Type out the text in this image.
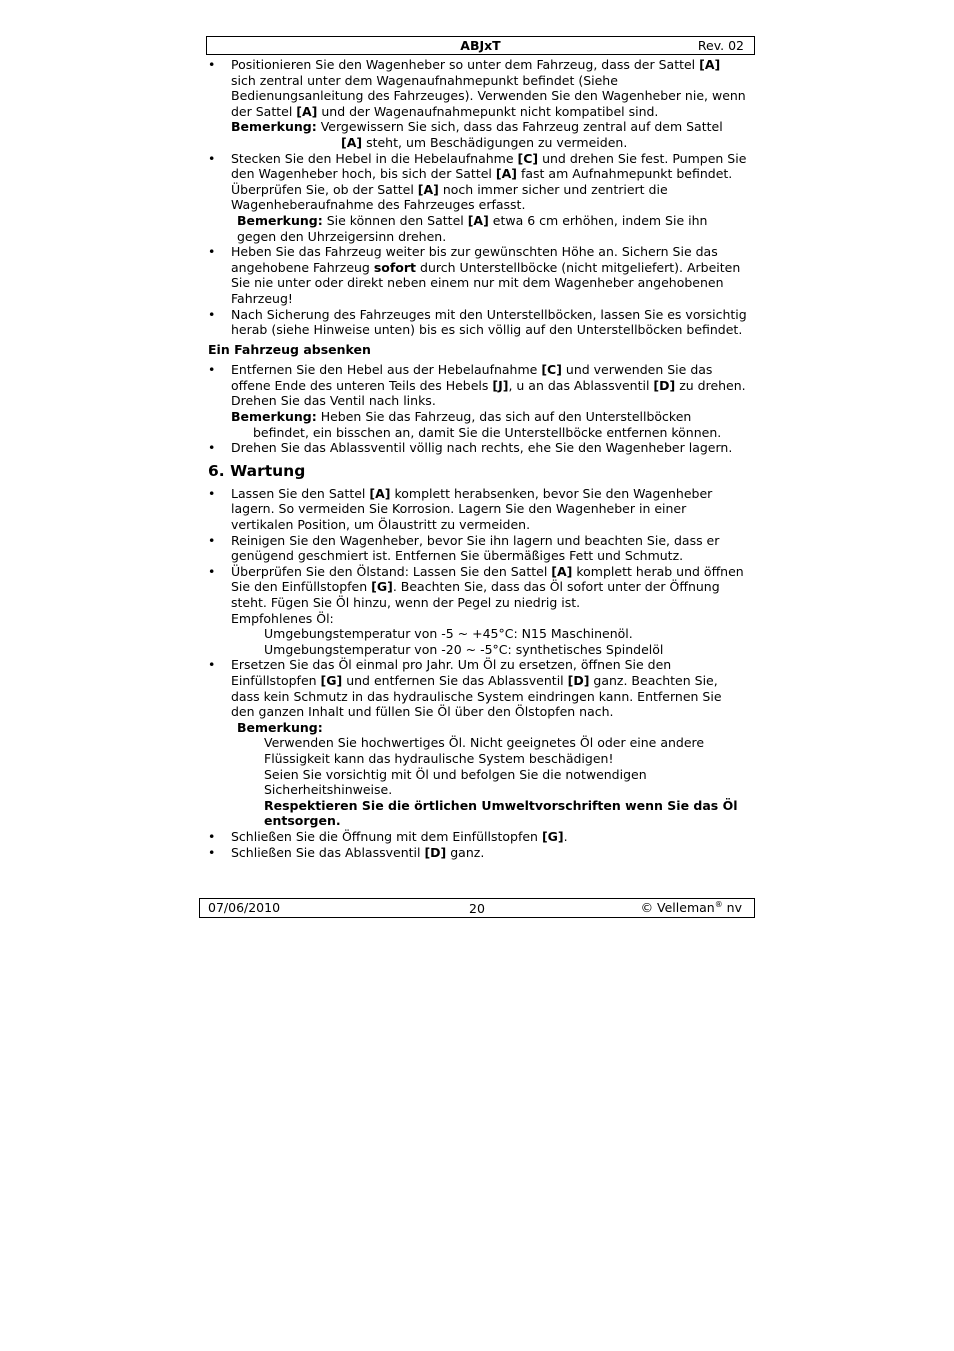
ABJxT	Rev. 02
• Positionieren Sie den Wagenheber so unter dem Fahrzeug, dass der Sattel [A] sich zentral unter dem Wagenaufnahmepunkt befindet (Siehe Bedienungsanleitung des Fahrzeuges). Verwenden Sie den Wagenheber nie, wenn der Sattel [A] und der Wagenaufnahmepunkt nicht kompatibel sind.
Bemerkung: Vergewissern Sie sich, dass das Fahrzeug zentral auf dem Sattel
[A] steht, um Beschädigungen zu vermeiden.
• Stecken Sie den Hebel in die Hebelaufnahme [C] und drehen Sie fest. Pumpen Sie den Wagenheber hoch, bis sich der Sattel [A] fast am Aufnahmepunkt befindet. Überprüfen Sie, ob der Sattel [A] noch immer sicher und zentriert die Wagenheberaufnahme des Fahrzeuges erfasst.
Bemerkung: Sie können den Sattel [A] etwa 6 cm erhöhen, indem Sie ihn gegen den Uhrzeigersinn drehen.
• Heben Sie das Fahrzeug weiter bis zur gewünschten Höhe an. Sichern Sie das angehobene Fahrzeug sofort durch Unterstellböcke (nicht mitgeliefert). Arbeiten Sie nie unter oder direkt neben einem nur mit dem Wagenheber angehobenen Fahrzeug!
• Nach Sicherung des Fahrzeuges mit den Unterstellböcken, lassen Sie es vorsichtig herab (siehe Hinweise unten) bis es sich völlig auf den Unterstellböcken befindet.
Ein Fahrzeug absenken
• Entfernen Sie den Hebel aus der Hebelaufnahme [C] und verwenden Sie das offene Ende des unteren Teils des Hebels [J], u an das Ablassventil [D] zu drehen. Drehen Sie das Ventil nach links.
Bemerkung: Heben Sie das Fahrzeug, das sich auf den Unterstellböcken befindet, ein bisschen an, damit Sie die Unterstellböcke entfernen können.
• Drehen Sie das Ablassventil völlig nach rechts, ehe Sie den Wagenheber lagern.
6. Wartung
• Lassen Sie den Sattel [A] komplett herabsenken, bevor Sie den Wagenheber lagern. So vermeiden Sie Korrosion. Lagern Sie den Wagenheber in einer vertikalen Position, um Ölaustritt zu vermeiden.
• Reinigen Sie den Wagenheber, bevor Sie ihn lagern und beachten Sie, dass er genügend geschmiert ist. Entfernen Sie übermäßiges Fett und Schmutz.
• Überprüfen Sie den Ölstand: Lassen Sie den Sattel [A] komplett herab und öffnen Sie den Einfüllstopfen [G]. Beachten Sie, dass das Öl sofort unter der Öffnung steht. Fügen Sie Öl hinzu, wenn der Pegel zu niedrig ist.
Empfohlenes Öl:
Umgebungstemperatur von -5 ~ +45°C: N15 Maschinenöl.
Umgebungstemperatur von -20 ~ -5°C: synthetisches Spindelöl
• Ersetzen Sie das Öl einmal pro Jahr. Um Öl zu ersetzen, öffnen Sie den Einfüllstopfen [G] und entfernen Sie das Ablassventil [D] ganz. Beachten Sie, dass kein Schmutz in das hydraulische System eindringen kann. Entfernen Sie den ganzen Inhalt und füllen Sie Öl über den Ölstopfen nach.
Bemerkung:
Verwenden Sie hochwertiges Öl. Nicht geeignetes Öl oder eine andere Flüssigkeit kann das hydraulische System beschädigen!
Seien Sie vorsichtig mit Öl und befolgen Sie die notwendigen Sicherheitshinweise.
Respektieren Sie die örtlichen Umweltvorschriften wenn Sie das Öl entsorgen.
• Schließen Sie die Öffnung mit dem Einfüllstopfen [G].
• Schließen Sie das Ablassventil [D] ganz.
07/06/2010	20	© Velleman® nv
